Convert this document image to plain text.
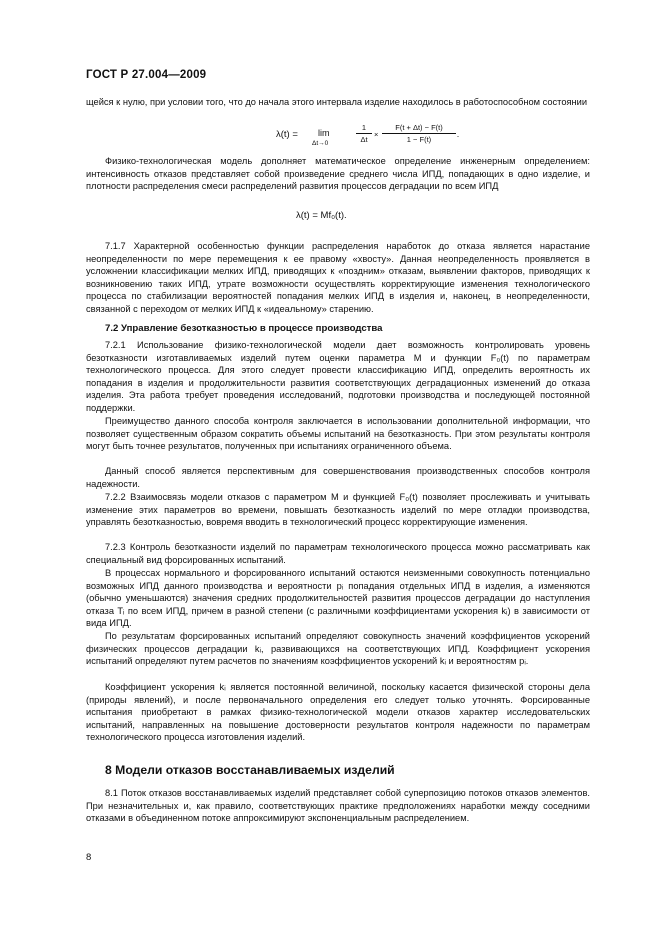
ГОСТ Р 27.004—2009
щейся к нулю, при условии того, что до начала этого интервала изделие находилось в работоспособном состоянии
λ(t) = lim
Δt→0	$\frac{1}{\Delta t} \times \frac{F(t + \Delta t) - F(t)}{1 - F(t)}$ .
Физико-технологическая модель дополняет математическое определение инженерным определением: интенсивность отказов представляет собой произведение среднего числа ИПД, попадающих в одно изделие, и плотности распределения смеси распределений развития процессов деградации по всем ИПД
λ(t) = Mf₀(t).
7.1.7 Характерной особенностью функции распределения наработок до отказа является нарастание неопределенности по мере перемещения к ее правому «хвосту». Данная неопределенность проявляется в усложнении классификации мелких ИПД, приводящих к «поздним» отказам, выявлении факторов, приводящих к возникновению таких ИПД, утрате возможности осуществлять корректирующие изменения технологического процесса по стабилизации вероятностей попадания мелких ИПД в изделия и, наконец, в неопределенности, связанной с переходом от мелких ИПД к «идеальному» старению.
7.2 Управление безотказностью в процессе производства
7.2.1 Использование физико-технологической модели дает возможность контролировать уровень безотказности изготавливаемых изделий путем оценки параметра M и функции F₀(t) по параметрам технологического процесса. Для этого следует провести классификацию ИПД, определить вероятность их попадания в изделия и продолжительности развития соответствующих деградационных изменений до отказа изделия. Эта работа требует проведения исследований, подготовки производства и последующей постоянной поддержки.
Преимущество данного способа контроля заключается в использовании дополнительной информации, что позволяет существенным образом сократить объемы испытаний на безотказность. При этом результаты контроля могут быть точнее результатов, полученных при испытаниях ограниченного объема.
Данный способ является перспективным для совершенствования производственных способов контроля надежности.
7.2.2 Взаимосвязь модели отказов с параметром M и функцией F₀(t) позволяет прослеживать и учитывать изменение этих параметров во времени, повышать безотказность изделий по мере отладки производства, управлять безотказностью, вовремя вводить в технологический процесс корректирующие изменения.
7.2.3 Контроль безотказности изделий по параметрам технологического процесса можно рассматривать как специальный вид форсированных испытаний.
В процессах нормального и форсированного испытаний остаются неизменными совокупность потенциально возможных ИПД данного производства и вероятности pᵢ попадания отдельных ИПД в изделия, а изменяются (обычно уменьшаются) значения средних продолжительностей развития процессов деградации до наступления отказа Tᵢ по всем ИПД, причем в разной степени (с различными коэффициентами ускорения kᵢ) в зависимости от вида ИПД.
По результатам форсированных испытаний определяют совокупность значений коэффициентов ускорений физических процессов деградации kᵢ, развивающихся на соответствующих ИПД. Коэффициент ускорения испытаний определяют путем расчетов по значениям коэффициентов ускорений kᵢ и вероятностям pᵢ.
Коэффициент ускорения kᵢ является постоянной величиной, поскольку касается физической стороны дела (природы явлений), и после первоначального определения его следует только уточнять. Форсированные испытания приобретают в рамках физико-технологической модели отказов характер исследовательских испытаний, направленных на повышение достоверности результатов контроля надежности по параметрам технологического процесса изготовления изделий.
8 Модели отказов восстанавливаемых изделий
8.1 Поток отказов восстанавливаемых изделий представляет собой суперпозицию потоков отказов элементов. При незначительных и, как правило, соответствующих практике предположениях наработки между соседними отказами в объединенном потоке аппроксимируют экспоненциальным распределением.
8
